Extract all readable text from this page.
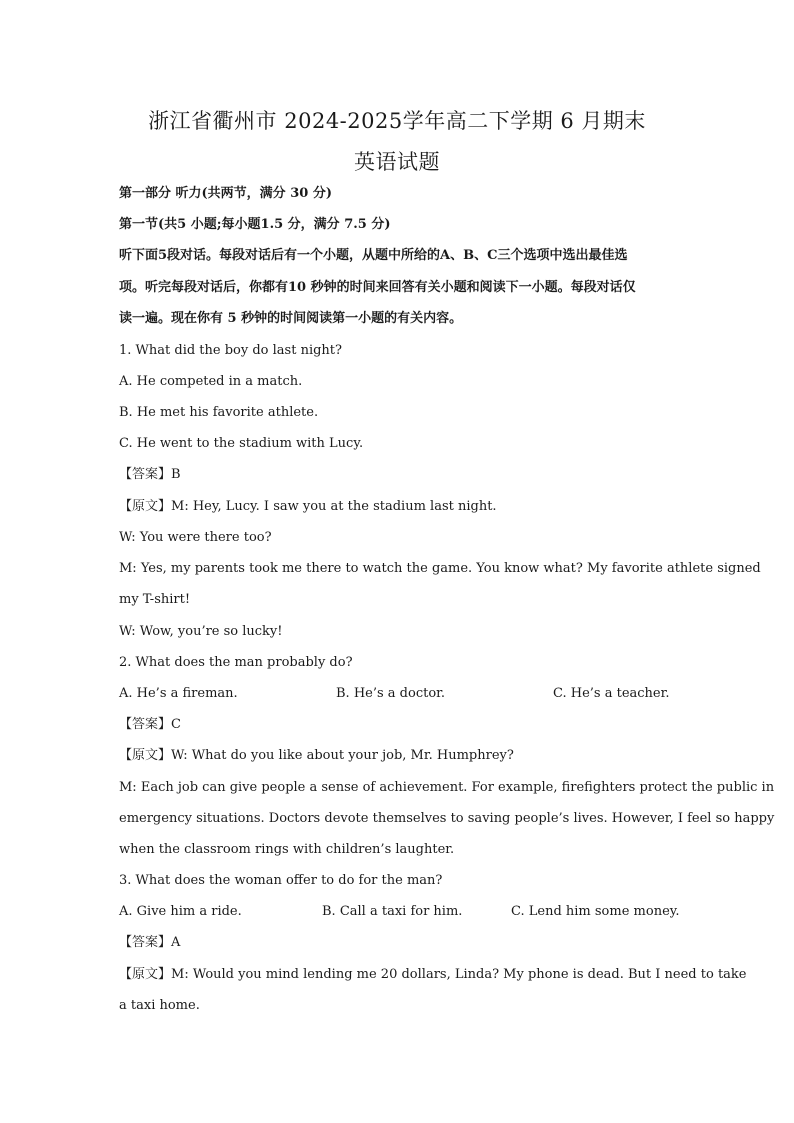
浙江省衢州市 2024-2025学年高二下学期 6 月期末
英语试题
第一部分 听力(共两节，满分 30 分)
第一节(共5 小题;每小题1.5 分，满分 7.5 分)
听下面5段对话。每段对话后有一个小题，从题中所给的A、B、C三个选项中选出最佳选
项。听完每段对话后，你都有10 秒钟的时间来回答有关小题和阅读下一小题。每段对话仅
读一遍。现在你有 5 秒钟的时间阅读第一小题的有关内容。
1. What did the boy do last night?
A. He competed in a match.
B. He met his favorite athlete.
C. He went to the stadium with Lucy.
【答案】B
【原文】M: Hey, Lucy. I saw you at the stadium last night.
W: You were there too?
M: Yes, my parents took me there to watch the game. You know what? My favorite athlete signed
my T-shirt!
W: Wow, you’re so lucky!
2. What does the man probably do?
A. He’s a fireman.	B. He’s a doctor.	C. He’s a teacher.
【答案】C
【原文】W: What do you like about your job, Mr. Humphrey?
M: Each job can give people a sense of achievement. For example, firefighters protect the public in
emergency situations. Doctors devote themselves to saving people’s lives. However, I feel so happy
when the classroom rings with children’s laughter.
3. What does the woman offer to do for the man?
A. Give him a ride.	B. Call a taxi for him.	C. Lend him some money.
【答案】A
【原文】M: Would you mind lending me 20 dollars, Linda? My phone is dead. But I need to take
a taxi home.
